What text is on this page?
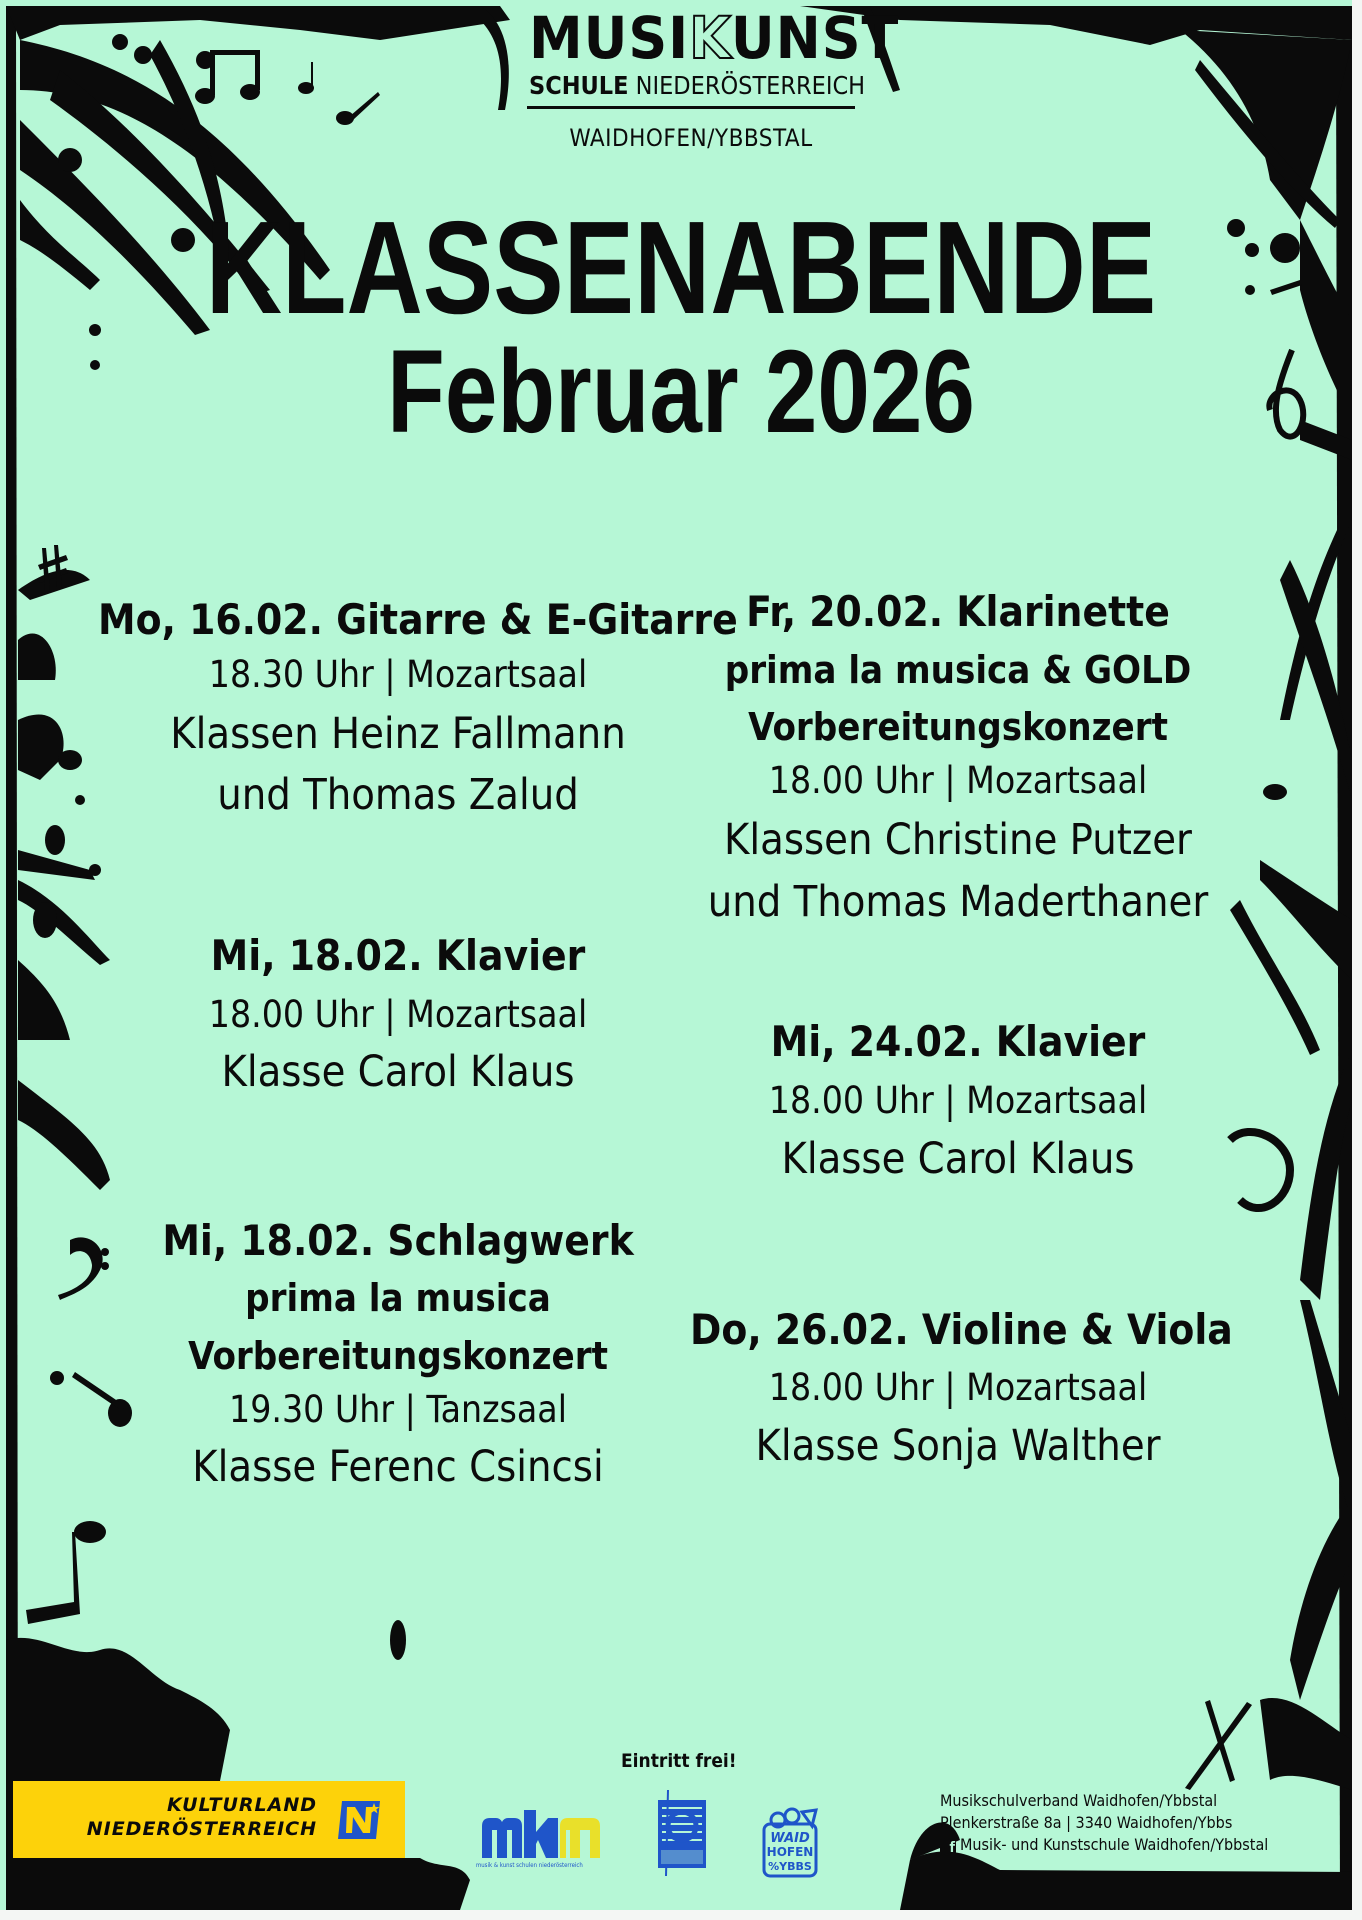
MUSIKUNST
SCHULE NIEDERÖSTERREICH
WAIDHOFEN/YBBSTAL
KLASSENABENDE
Februar 2026
Mo, 16.02. Gitarre & E-Gitarre
18.30 Uhr | Mozartsaal
Klassen Heinz Fallmann
und Thomas Zalud
Mi, 18.02. Klavier
18.00 Uhr | Mozartsaal
Klasse Carol Klaus
Mi, 18.02. Schlagwerk
prima la musica
Vorbereitungskonzert
19.30 Uhr | Tanzsaal
Klasse Ferenc Csincsi
Fr, 20.02. Klarinette
prima la musica & GOLD
Vorbereitungskonzert
18.00 Uhr | Mozartsaal
Klassen Christine Putzer
und Thomas Maderthaner
Mi, 24.02. Klavier
18.00 Uhr | Mozartsaal
Klasse Carol Klaus
Do, 26.02. Violine & Viola
18.00 Uhr | Mozartsaal
Klasse Sonja Walther
Eintritt frei!
KULTURLAND
NIEDERÖSTERREICH
musik & kunst schulen niederösterreich
WAID
HOFEN
%YBBS
Musikschulverband Waidhofen/Ybbstal
Plenkerstraße 8a | 3340 Waidhofen/Ybbs
f Musik- und Kunstschule Waidhofen/Ybbstal
